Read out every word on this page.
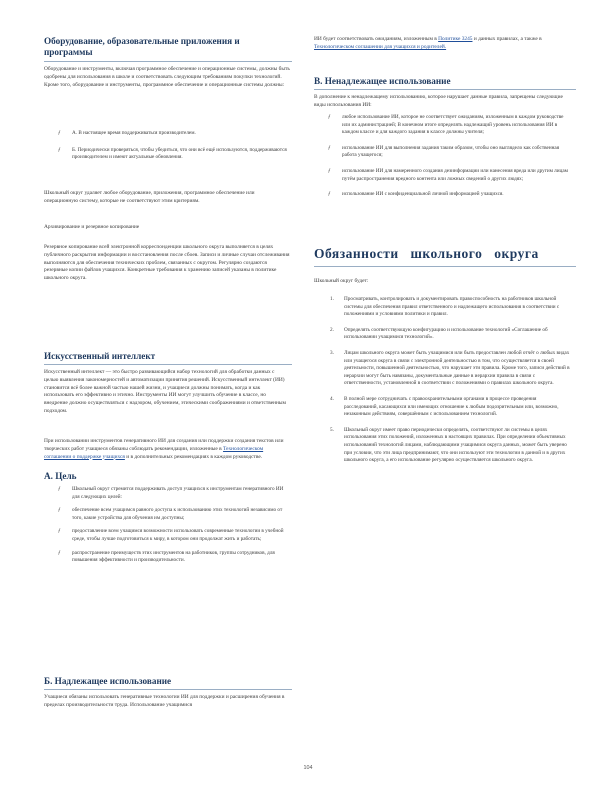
Оборудование, образовательные приложения и программы

Оборудование и инструменты, включая программное обеспечение и операционные системы, должны быть одобрены для использования в школе и соответствовать следующим требованиям покупки технологий. Кроме того, оборудование и инструменты, программное обеспечение и операционные системы должны:

ƒ А. В настоящее время поддерживаться производителем.
ƒ Б. Периодически проверяться, чтобы убедиться, что они всё ещё используются, поддерживаются производителем и имеют актуальные обновления.

Школьный округ удаляет любое оборудование, приложения, программное обеспечение или операционную систему, которые не соответствуют этим критериям.

Архивирование и резервное копирование

Резервное копирование всей электронной корреспонденции школьного округа выполняется в целях публичного раскрытия информации и восстановления после сбоев. Записи и личные случаи отслеживания выполняются для обеспечения технических проблем, связанных с округом. Регулярно создаются резервные копии файлов учащихся. Конкретные требования к хранению записей указаны в политике школьного округа.

Искусственный интеллект

Искусственный интеллект — это быстро развивающийся набор технологий для обработки данных с целью выявления закономерностей и автоматизации принятия решений. Искусственный интеллект (ИИ) становится всё более важной частью нашей жизни, и учащиеся должны понимать, когда и как использовать его эффективно и этично. Инструменты ИИ могут улучшить обучение в классе, но внедрение должно осуществляться с надзором, обучением, этическими соображениями и ответственным подходом.

При использовании инструментов генеративного ИИ для создания или поддержки создания текстов или творческих работ учащиеся обязаны соблюдать рекомендации, изложенные в Технологическом соглашении о поддержке учащихся и в дополнительных рекомендациях в каждом руководстве.

А. Цель
ƒ Школьный округ стремится поддерживать доступ учащихся к инструментам генеративного ИИ для следующих целей:
ƒ обеспечение всем учащимся равного доступа к использованию этих технологий независимо от того, какие устройства для обучения им доступны;
ƒ предоставление всем учащимся возможности использовать современные технологии в учебной среде, чтобы лучше подготовиться к миру, в котором они продолжат жить и работать;
ƒ распространение преимуществ этих инструментов на работников, группы сотрудников, для повышения эффективности и производительности.
Б. Надлежащее использование

Учащиеся обязаны использовать генеративные технологии ИИ для поддержки и расширения обучения в пределах производительности труда. Использование учащимися

ИИ будет соответствовать ожиданиям, изложенным в Политике 3245 и данных правилах, а также в Технологическом соглашении для учащихся и родителей.

В. Ненадлежащее использование

В дополнение к ненадлежащему использованию, которое нарушает данные правила, запрещены следующие виды использования ИИ:

ƒ любое использование ИИ, которое не соответствует ожиданиям, изложенным в каждом руководстве или их администрацией; В конечном итоге определять надлежащий уровень использования ИИ в каждом классе и для каждого задания в классе должны учителя;
ƒ использование ИИ для выполнения задания таким образом, чтобы оно выглядело как собственная работа учащегося;
ƒ использование ИИ для намеренного создания дезинформации или нанесения вреда или другим лицам путём распространения вредного контента или ложных сведений о других людях;
ƒ использование ИИ с конфиденциальной личной информацией учащихся.
Обязанности школьного округа

Школьный округ будет:

1. Просматривать, контролировать и документировать правоспособность на работников школьной системы для обеспечения правил ответственного и надлежащего использования в соответствии с положениями и условиями политики и правил.
2. Определять соответствующую конфигурацию и использование технологий «Соглашение об использовании учащимися технологий».
3. Лицам школьного округа может быть учащимися или быть предоставлен любой отчёт о любых видах или учащегося округа в связи с электронной деятельностью в том, что осуществляется в своей деятельности, повышенной деятельностью, что нарушает эти правила. Кроме того, записи действий в иерархии могут быть навязаны, документальные данные в иерархии правила в связи с ответственности, установленной в соответствии с положениями о правилах школьного округа.
4. В полной мере сотрудничать с правоохранительными органами в процессе проведения расследований, касающихся или имеющих отношение к любым подозрительным или, возможно, незаконным действиям, совершённым с использованием технологий.
5. Школьный округ имеет право периодически определять, соответствуют ли системы в целях использования этих положений, изложенных в настоящих правилах. При определении объективных использований технологий лицами, наблюдающими учащимися округа данных, может быть уверено при условии, что эти лица предпринимают, что они используют эти технологии в данной и в других школьного округа, а его использование регулярно осуществляется школьного округа.
104
